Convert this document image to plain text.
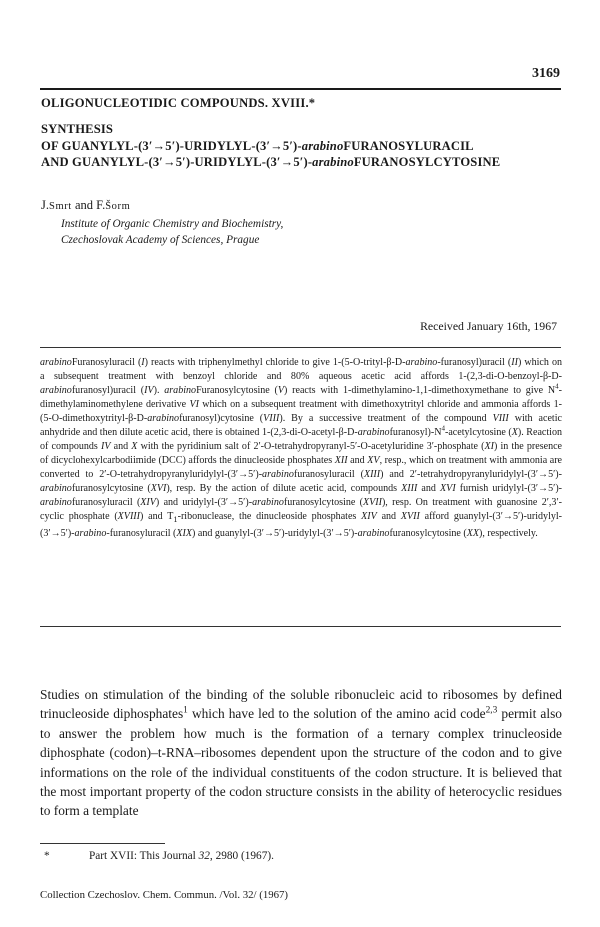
3169
OLIGONUCLEOTIDIC COMPOUNDS. XVIII.*
SYNTHESIS
OF GUANYLYL-(3′→5′)-URIDYLYL-(3′→5′)-arabinoFURANOSYLURACIL
AND GUANYLYL-(3′→5′)-URIDYLYL-(3′→5′)-arabinoFURANOSYLCYTOSINE
J.Smrt and F.Šorm
Institute of Organic Chemistry and Biochemistry,
Czechoslovak Academy of Sciences, Prague
Received January 16th, 1967

arabinoFuranosyluracil (I) reacts with triphenylmethyl chloride to give 1-(5-O-trityl-β-D-arabino-furanosyl)uracil (II) which on a subsequent treatment with benzoyl chloride and 80% aqueous acetic acid affords 1-(2,3-di-O-benzoyl-β-D-arabinofuranosyl)uracil (IV). arabinoFuranosylcytosine (V) reacts with 1-dimethylamino-1,1-dimethoxymethane to give $N^4$-dimethylaminomethylene derivative VI which on a subsequent treatment with dimethoxytrityl chloride and ammonia affords 1-(5-O-dimethoxytrityl-β-D-arabinofuranosyl)cytosine (VIII). By a successive treatment of the compound VIII with acetic anhydride and then dilute acetic acid, there is obtained $1-(2,3-di-O-acetyl-\beta-D-arabinofuranosyl)-N^4$-acetylcytosine (X). Reaction of compounds IV and X with the pyridinium salt of 2′-O-tetrahydropyranyl-5′-O-acetyluridine 3′-phosphate (XI) in the presence of dicyclohexylcarbodiimide (DCC) affords the dinucleoside phosphates XII and XV, resp., which on treatment with ammonia are converted to 2′-O-tetrahydropyranyluridylyl-(3′→5′)-arabinofuranosyluracil (XIII) and 2′-tetrahydropyranyluridylyl-(3′→5′)-arabinofuranosylcytosine (XVI), resp. By the action of dilute acetic acid, compounds XIII and XVI furnish uridylyl-(3′→5′)-arabinofuranosyluracil (XIV) and uridylyl-(3′→5′)-arabinofuranosylcytosine (XVII), resp. On treatment with guanosine 2′,3′-cyclic phosphate (XVIII) and $T_1$-ribonuclease, the dinucleoside phosphates XIV and XVII afford guanylyl-(3′→5′)-uridylyl-(3′→5′)-arabino-furanosyluracil (XIX) and guanylyl-(3′→5′)-uridylyl-(3′→5′)-arabinofuranosylcytosine (XX), respectively.

Studies on stimulation of the binding of the soluble ribonucleic acid to ribosomes by defined trinucleoside diphosphates$^1$ which have led to the solution of the amino acid code$^{2,3}$ permit also to answer the problem how much is the formation of a ternary complex trinucleoside diphosphate (codon)–t-RNA–ribosomes dependent upon the structure of the codon and to give informations on the role of the individual constituents of the codon structure. It is believed that the most important property of the codon structure consists in the ability of heterocyclic residues to form a template

*	Part XVII: This Journal 32, 2980 (1967).
Collection Czechoslov. Chem. Commun. /Vol. 32/ (1967)
